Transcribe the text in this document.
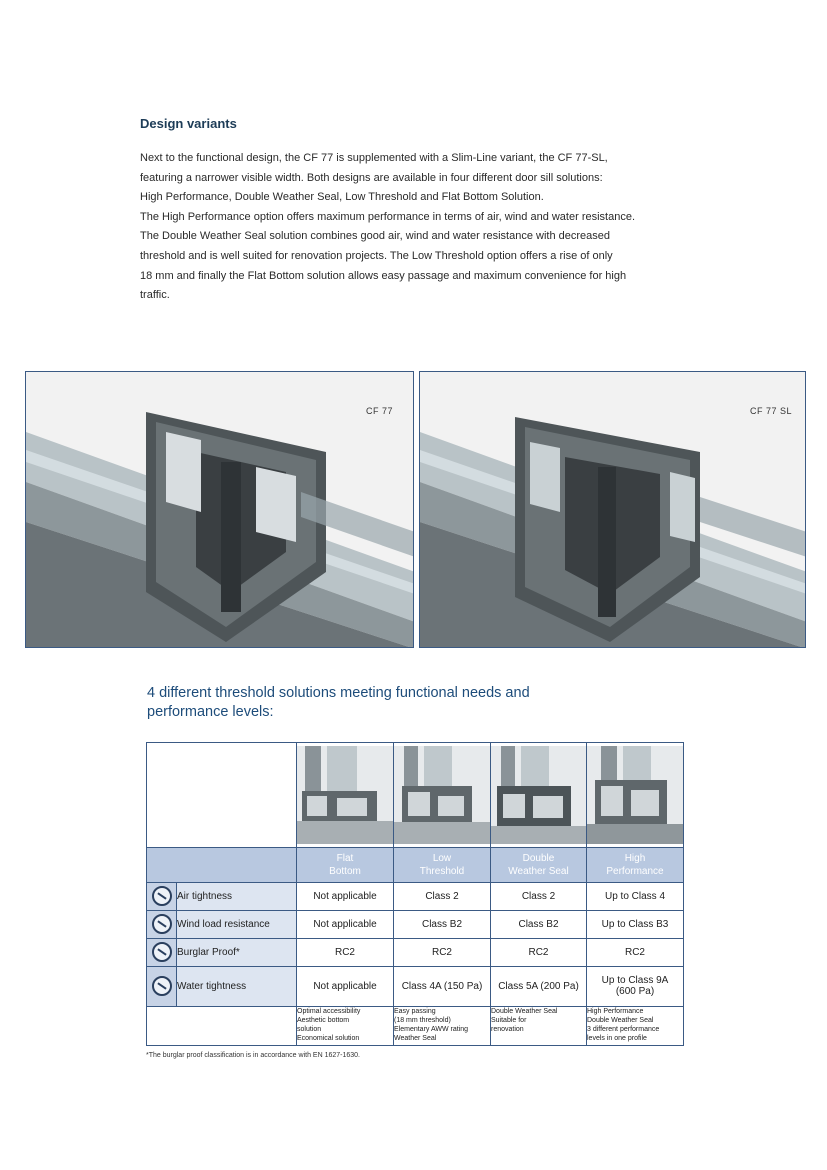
Design variants

Next to the functional design, the CF 77 is supplemented with a Slim-Line variant, the CF 77-SL,

featuring a narrower visible width. Both designs are available in four different door sill solutions:

High Performance, Double Weather Seal, Low Threshold and Flat Bottom Solution.

The High Performance option offers maximum performance in terms of air, wind and water resistance.

The Double Weather Seal solution combines good air, wind and water resistance with decreased

threshold and is well suited for renovation projects. The Low Threshold option offers a rise of only

18 mm and finally the Flat Bottom solution allows easy passage and maximum convenience for high

traffic.

CF 77	CF 77 SL
4 different threshold solutions meeting functional needs and performance levels:

		Flat
Bottom	Low
Threshold	Double
Weather Seal	High
Performance
	Air tightness	Not applicable	Class 2	Class 2	Up to Class 4
	Wind load resistance	Not applicable	Class B2	Class B2	Up to Class B3
	Burglar Proof*	RC2	RC2	RC2	RC2
	Water tightness	Not applicable	Class 4A (150 Pa)	Class 5A (200 Pa)	Up to Class 9A
(600 Pa)
		Optimal accessibility
Aesthetic bottom
solution
Economical solution	Easy passing
(18 mm threshold)
Elementary AWW rating
Weather Seal	Double Weather Seal
Suitable for
renovation	High Performance
Double Weather Seal
3 different performance
levels in one profile
*The burglar proof classification is in accordance with EN 1627-1630.
